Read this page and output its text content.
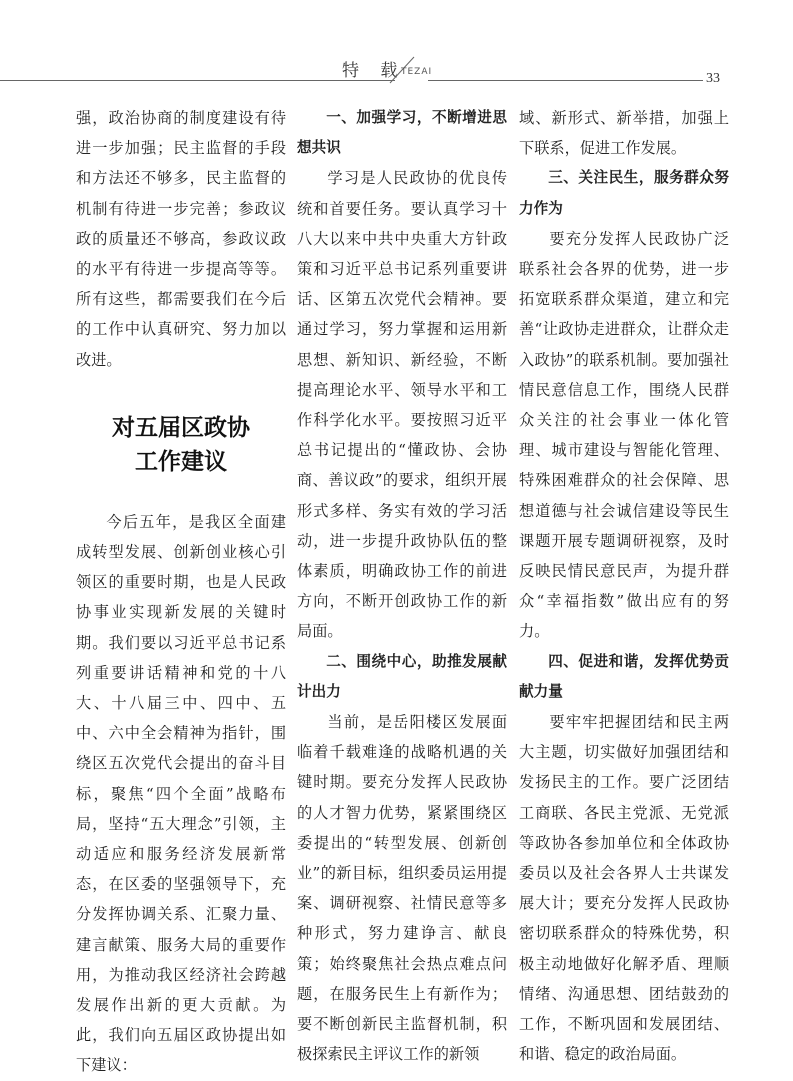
特 载
TEZAI	33

强，政治协商的制度建设有待进一步加强；民主监督的手段和方法还不够多，民主监督的机制有待进一步完善；参政议政的质量还不够高，参政议政的水平有待进一步提高等等。所有这些，都需要我们在今后的工作中认真研究、努力加以改进。

对五届区政协
工作建议

今后五年，是我区全面建成转型发展、创新创业核心引领区的重要时期，也是人民政协事业实现新发展的关键时期。我们要以习近平总书记系列重要讲话精神和党的十八大、十八届三中、四中、五中、六中全会精神为指针，围绕区五次党代会提出的奋斗目标，聚焦“四个全面”战略布局，坚持“五大理念”引领，主动适应和服务经济发展新常态，在区委的坚强领导下，充分发挥协调关系、汇聚力量、建言献策、服务大局的重要作用，为推动我区经济社会跨越发展作出新的更大贡献。为此，我们向五届区政协提出如下建议：

一、加强学习，不断增进思想共识

学习是人民政协的优良传统和首要任务。要认真学习十八大以来中共中央重大方针政策和习近平总书记系列重要讲话、区第五次党代会精神。要通过学习，努力掌握和运用新思想、新知识、新经验，不断提高理论水平、领导水平和工作科学化水平。要按照习近平总书记提出的“懂政协、会协商、善议政”的要求，组织开展形式多样、务实有效的学习活动，进一步提升政协队伍的整体素质，明确政协工作的前进方向，不断开创政协工作的新局面。

二、围绕中心，助推发展献计出力

当前，是岳阳楼区发展面临着千载难逢的战略机遇的关键时期。要充分发挥人民政协的人才智力优势，紧紧围绕区委提出的“转型发展、创新创业”的新目标，组织委员运用提案、调研视察、社情民意等多种形式，努力建诤言、献良策；始终聚焦社会热点难点问题，在服务民生上有新作为；要不断创新民主监督机制，积极探索民主评议工作的新领

域、新形式、新举措，加强上下联系，促进工作发展。

三、关注民生，服务群众努力作为

要充分发挥人民政协广泛联系社会各界的优势，进一步拓宽联系群众渠道，建立和完善“让政协走进群众，让群众走入政协”的联系机制。要加强社情民意信息工作，围绕人民群众关注的社会事业一体化管理、城市建设与智能化管理、特殊困难群众的社会保障、思想道德与社会诚信建设等民生课题开展专题调研视察，及时反映民情民意民声，为提升群众“幸福指数”做出应有的努力。

四、促进和谐，发挥优势贡献力量

要牢牢把握团结和民主两大主题，切实做好加强团结和发扬民主的工作。要广泛团结工商联、各民主党派、无党派等政协各参加单位和全体政协委员以及社会各界人士共谋发展大计；要充分发挥人民政协密切联系群众的特殊优势，积极主动地做好化解矛盾、理顺情绪、沟通思想、团结鼓劲的工作，不断巩固和发展团结、和谐、稳定的政治局面。
